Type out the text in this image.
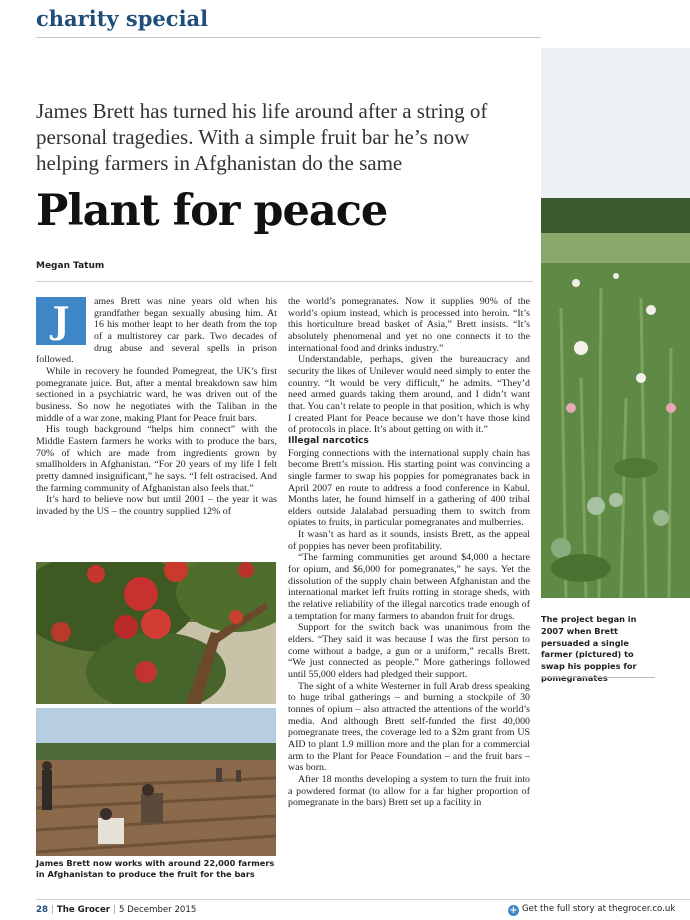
charity special
James Brett has turned his life around after a string of personal tragedies. With a simple fruit bar he’s now helping farmers in Afghanistan do the same
Plant for peace
Megan Tatum

J	ames Brett was nine years old when his grandfather began sexually abusing him. At 16 his mother leapt to her death from the top of a multistorey car park. Two decades of drug abuse and several spells in prison followed.

While in recovery he founded Pomegreat, the UK’s first pomegranate juice. But, after a mental breakdown saw him sectioned in a psychiatric ward, he was driven out of the business. So now he negotiates with the Taliban in the middle of a war zone, making Plant for Peace fruit bars.

His tough background “helps him connect” with the Middle Eastern farmers he works with to produce the bars, 70% of which are made from ingredients grown by smallholders in Afghanistan. “For 20 years of my life I felt pretty damned insignificant,” he says. “I felt ostracised. And the farming community of Afghanistan also feels that.”

It’s hard to believe now but until 2001 – the year it was invaded by the US – the country supplied 12% of

the world’s pomegranates. Now it supplies 90% of the world’s opium instead, which is processed into heroin. “It’s this horticulture bread basket of Asia,” Brett insists. “It’s absolutely phenomenal and yet no one connects it to the international food and drinks industry.”

Understandable, perhaps, given the bureaucracy and security the likes of Unilever would need simply to enter the country. “It would be very difficult,” he admits. “They’d need armed guards taking them around, and I didn’t want that. You can’t relate to people in that position, which is why I created Plant for Peace because we don’t have those kind of protocols in place. It’s about getting on with it.”

Illegal narcotics

Forging connections with the international supply chain has become Brett’s mission. His starting point was convincing a single farmer to swap his poppies for pomegranates back in April 2007 en route to address a food conference in Kabul. Months later, he found himself in a gathering of 400 tribal elders outside Jalalabad persuading them to switch from opiates to fruits, in particular pomegranates and mulberries.

It wasn’t as hard as it sounds, insists Brett, as the appeal of poppies has never been profitability.

“The farming communities get around $4,000 a hectare for opium, and $6,000 for pomegranates,” he says. Yet the dissolution of the supply chain between Afghanistan and the international market left fruits rotting in storage sheds, with the relative reliability of the illegal narcotics trade enough of a temptation for many farmers to abandon fruit for drugs.

Support for the switch back was unanimous from the elders. “They said it was because I was the first person to come without a badge, a gun or a uniform,” recalls Brett. “We just connected as people.” More gatherings followed until 55,000 elders had pledged their support.

The sight of a white Westerner in full Arab dress speaking to huge tribal gatherings – and burning a stockpile of 30 tonnes of opium – also attracted the attentions of the world’s media. And although Brett self-funded the first 40,000 pomegranate trees, the coverage led to a $2m grant from US AID to plant 1.9 million more and the plan for a commercial arm to the Plant for Peace Foundation – and the fruit bars – was born.

After 18 months developing a system to turn the fruit into a powdered format (to allow for a far higher proportion of pomegranate in the bars) Brett set up a facility in

The project began in 2007 when Brett persuaded a single farmer (pictured) to swap his poppies for
James Brett now works with around 22,000 farmers in Afghanistan to produce the fruit for the bars
28 | The Grocer | 5 December 2015	+ Get the full story at thegrocer.co.uk
